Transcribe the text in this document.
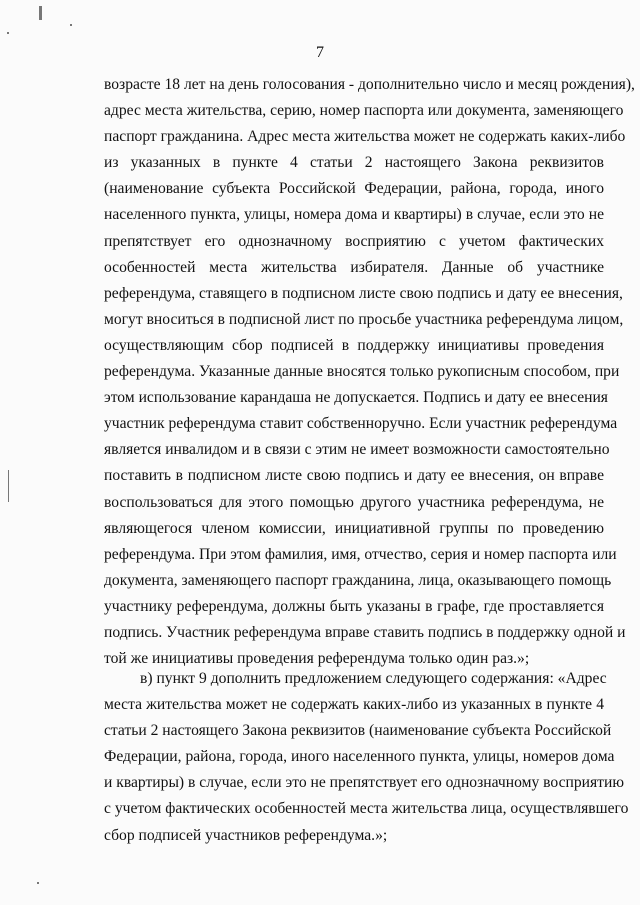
7
возрасте 18 лет на день голосования - дополнительно число и месяц рождения),
адрес места жительства, серию, номер паспорта или документа, заменяющего
паспорт гражданина. Адрес места жительства может не содержать каких-либо
из указанных в пункте 4 статьи 2 настоящего Закона реквизитов
(наименование субъекта Российской Федерации, района, города, иного
населенного пункта, улицы, номера дома и квартиры) в случае, если это не
препятствует его однозначному восприятию с учетом фактических
особенностей места жительства избирателя. Данные об участнике
референдума, ставящего в подписном листе свою подпись и дату ее внесения,
могут вноситься в подписной лист по просьбе участника референдума лицом,
осуществляющим сбор подписей в поддержку инициативы проведения
референдума. Указанные данные вносятся только рукописным способом, при
этом использование карандаша не допускается. Подпись и дату ее внесения
участник референдума ставит собственноручно. Если участник референдума
является инвалидом и в связи с этим не имеет возможности самостоятельно
поставить в подписном листе свою подпись и дату ее внесения, он вправе
воспользоваться для этого помощью другого участника референдума, не
являющегося членом комиссии, инициативной группы по проведению
референдума. При этом фамилия, имя, отчество, серия и номер паспорта или
документа, заменяющего паспорт гражданина, лица, оказывающего помощь
участнику референдума, должны быть указаны в графе, где проставляется
подпись. Участник референдума вправе ставить подпись в поддержку одной и
той же инициативы проведения референдума только один раз.»;
в) пункт 9 дополнить предложением следующего содержания: «Адрес
места жительства может не содержать каких-либо из указанных в пункте 4
статьи 2 настоящего Закона реквизитов (наименование субъекта Российской
Федерации, района, города, иного населенного пункта, улицы, номеров дома
и квартиры) в случае, если это не препятствует его однозначному восприятию
с учетом фактических особенностей места жительства лица, осуществлявшего
сбор подписей участников референдума.»;
